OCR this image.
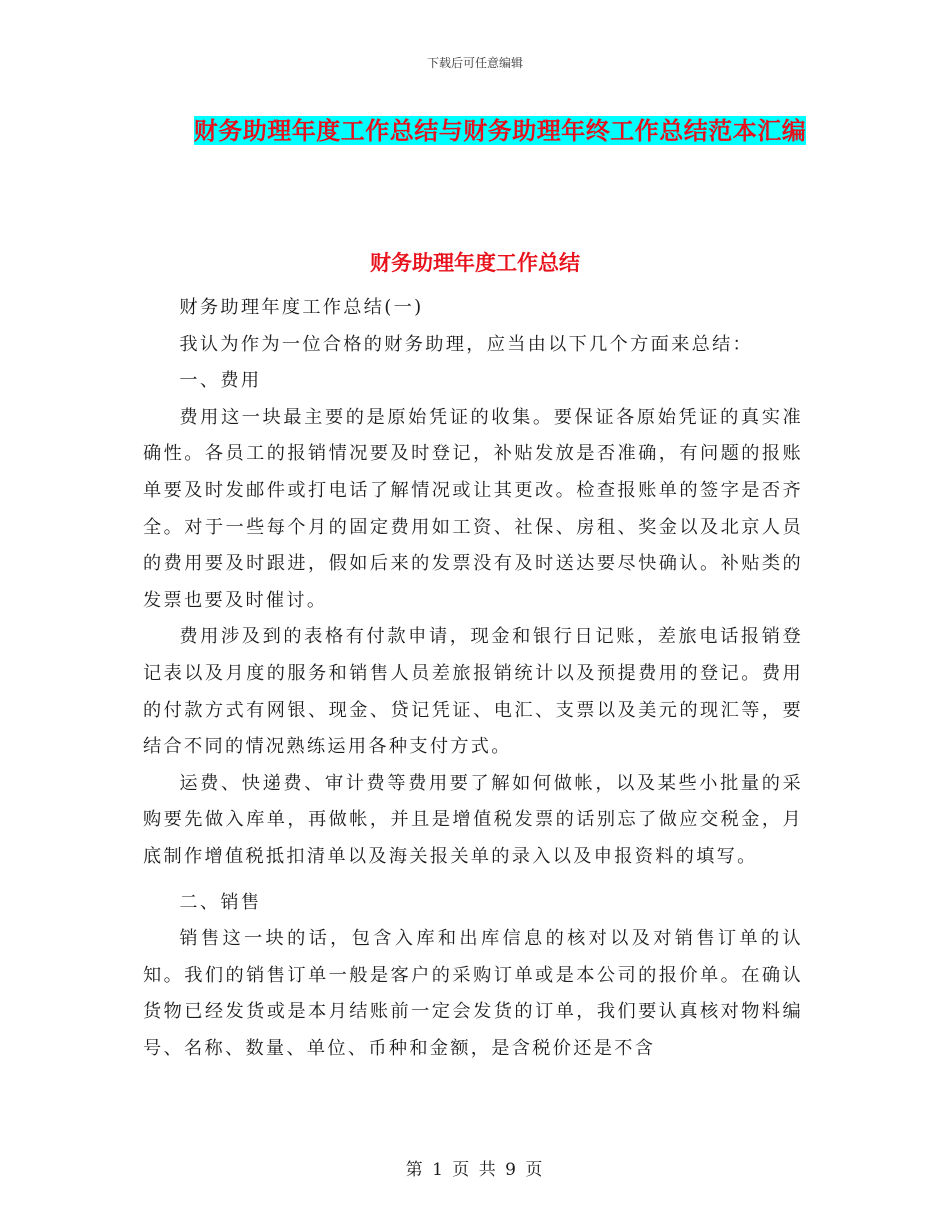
下载后可任意编辑
财务助理年度工作总结与财务助理年终工作总结范本汇编
财务助理年度工作总结

财务助理年度工作总结(一)

我认为作为一位合格的财务助理，应当由以下几个方面来总结：

一、费用

费用这一块最主要的是原始凭证的收集。要保证各原始凭证的真实准确性。各员工的报销情况要及时登记，补贴发放是否准确，有问题的报账单要及时发邮件或打电话了解情况或让其更改。检查报账单的签字是否齐全。对于一些每个月的固定费用如工资、社保、房租、奖金以及北京人员的费用要及时跟进，假如后来的发票没有及时送达要尽快确认。补贴类的发票也要及时催讨。

费用涉及到的表格有付款申请，现金和银行日记账，差旅电话报销登记表以及月度的服务和销售人员差旅报销统计以及预提费用的登记。费用的付款方式有网银、现金、贷记凭证、电汇、支票以及美元的现汇等，要结合不同的情况熟练运用各种支付方式。

运费、快递费、审计费等费用要了解如何做帐，以及某些小批量的采购要先做入库单，再做帐，并且是增值税发票的话别忘了做应交税金，月底制作增值税抵扣清单以及海关报关单的录入以及申报资料的填写。

二、销售

销售这一块的话，包含入库和出库信息的核对以及对销售订单的认知。我们的销售订单一般是客户的采购订单或是本公司的报价单。在确认货物已经发货或是本月结账前一定会发货的订单，我们要认真核对物料编号、名称、数量、单位、币种和金额，是含税价还是不含

第 1 页 共 9 页
